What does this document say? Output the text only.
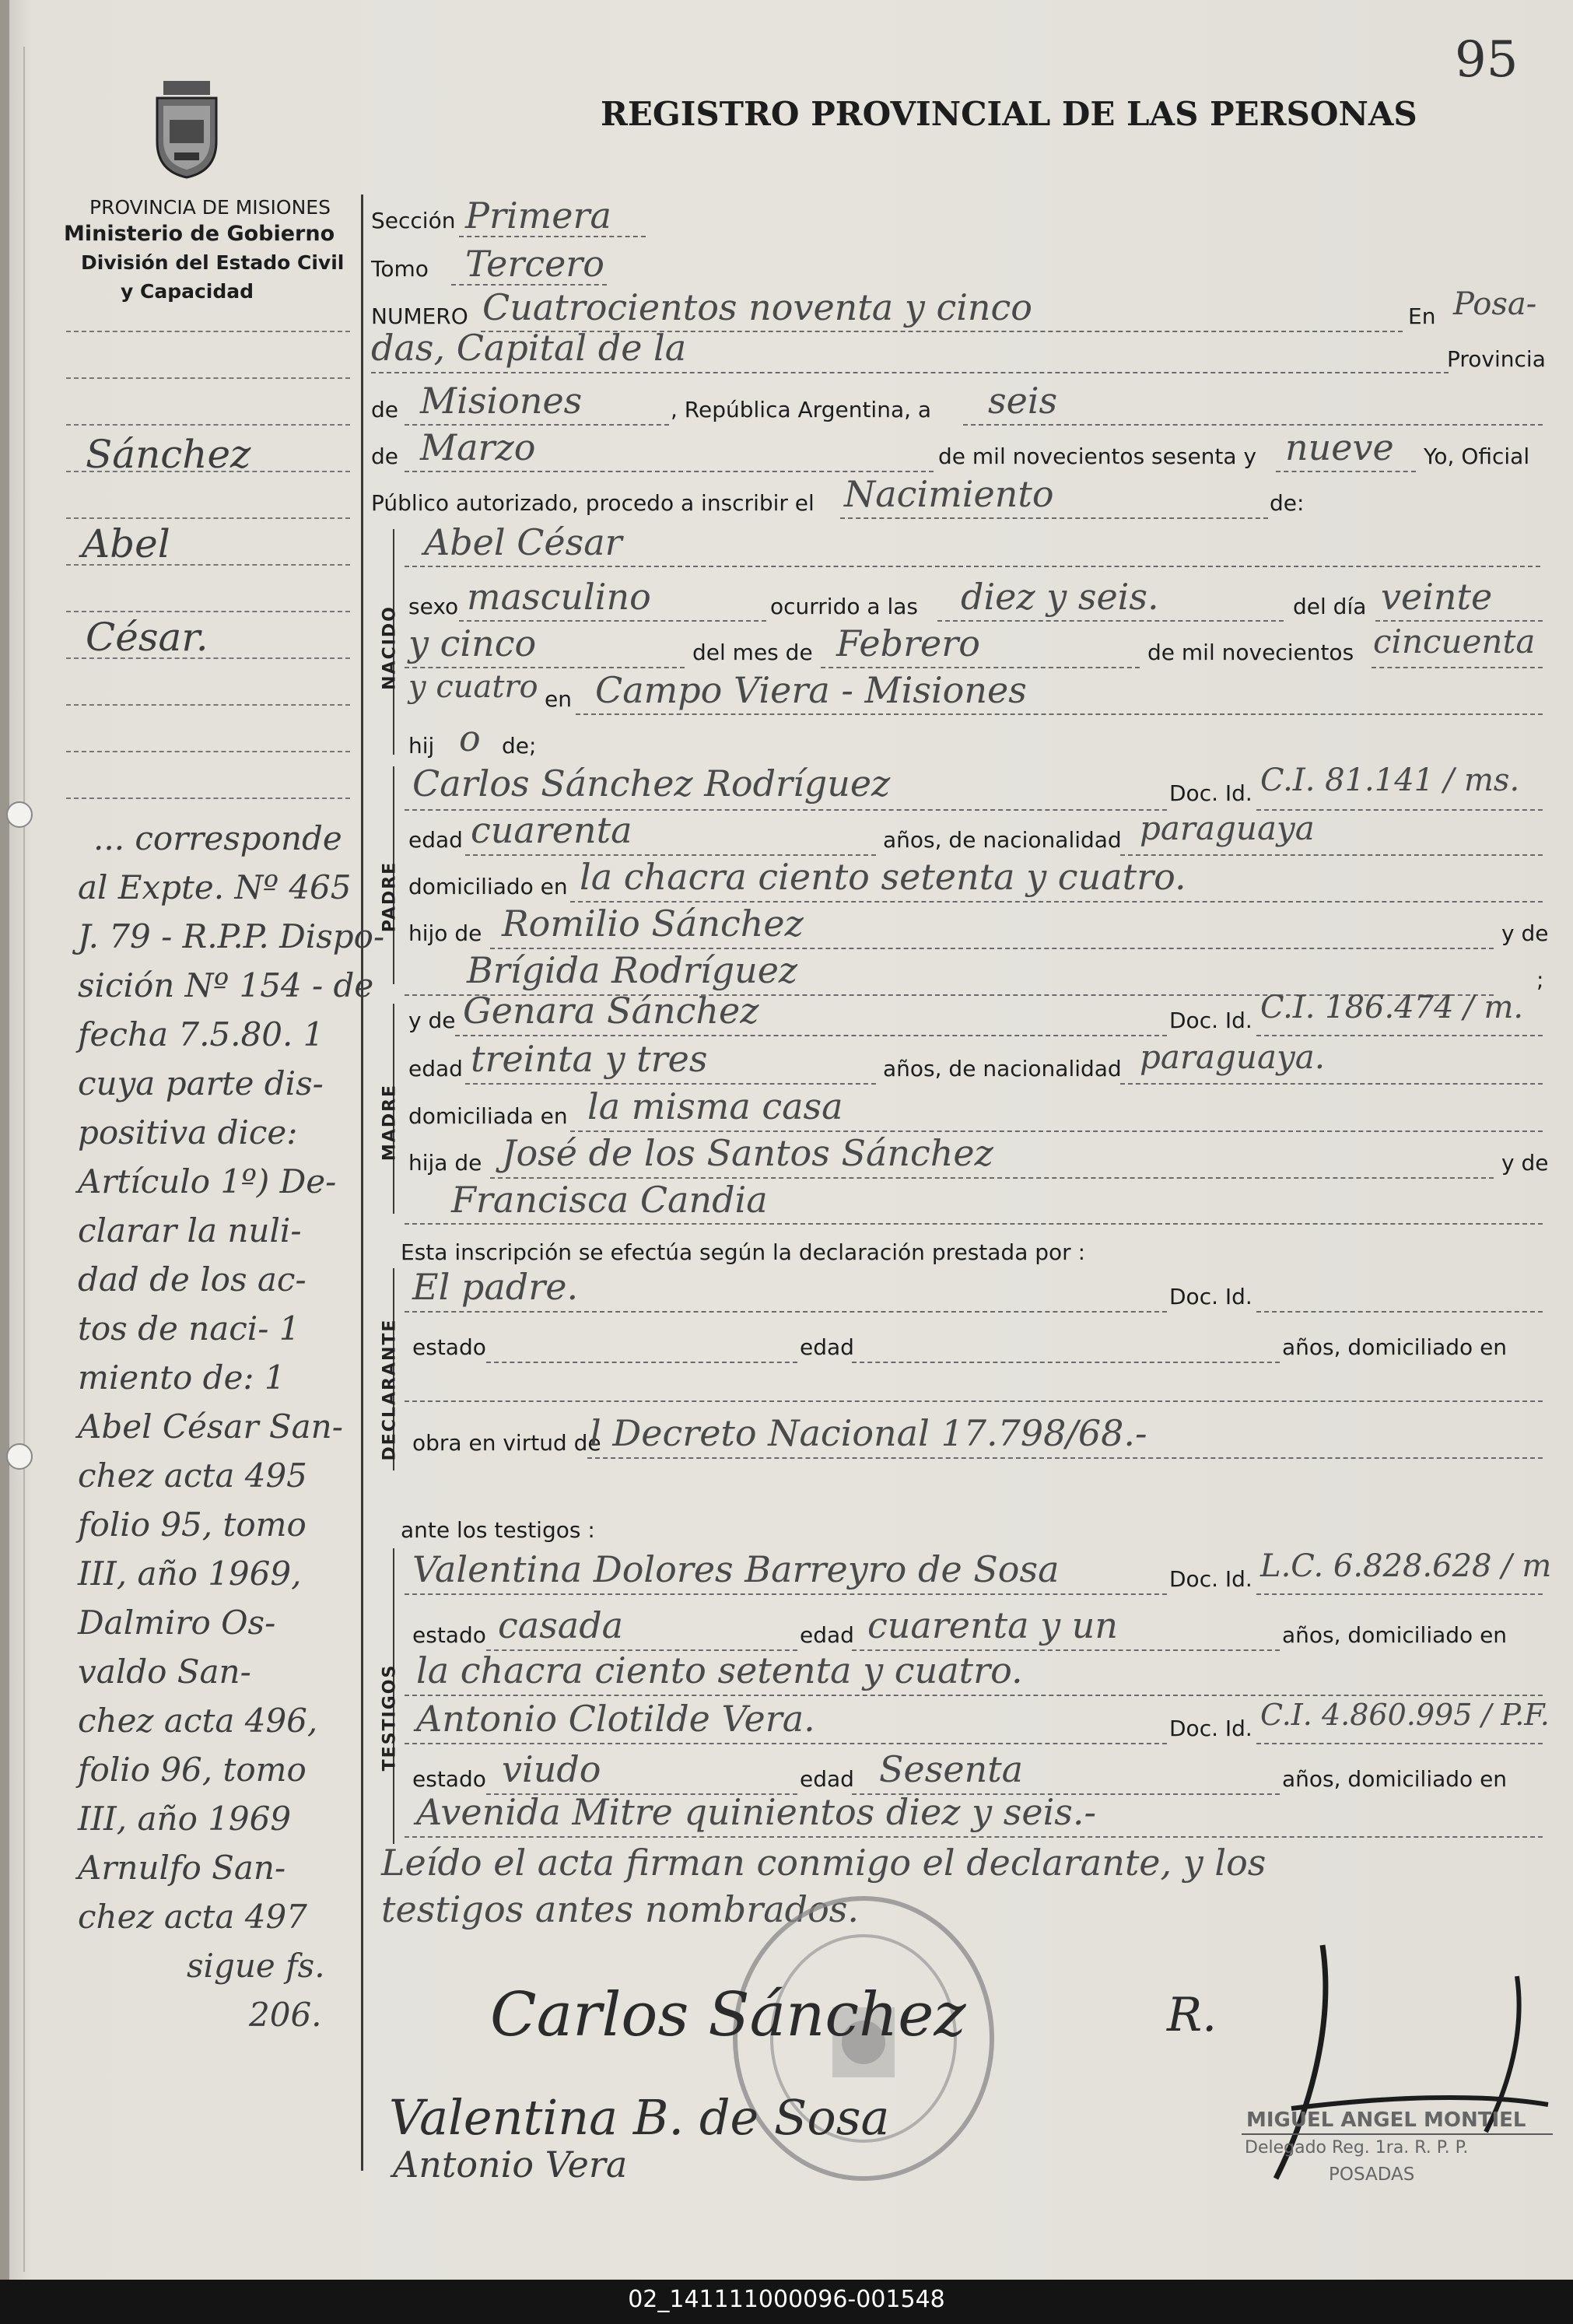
95
REGISTRO PROVINCIAL DE LAS PERSONAS
PROVINCIA DE MISIONES
Ministerio de Gobierno
División del Estado Civil
y Capacidad
Sección Primera
Tomo Tercero
NUMERO Cuatrocientos noventa y cinco	En Posa-
das, Capital de la	Provincia
de Misiones	, República Argentina, a seis
de Marzo	de mil novecientos sesenta y nueve Yo, Oficial
Público autorizado, procedo a inscribir el Nacimiento	de:
NACIDO
Abel César
sexo masculino	ocurrido a las diez y seis.	del día veinte
y cinco	del mes de Febrero	de mil novecientos cincuenta
y cuatro en Campo Viera - Misiones
hij o de;
PADRE
Carlos Sánchez Rodríguez	Doc. Id. C.I. 81.141 / ms.
edad cuarenta	años, de nacionalidad paraguaya
domiciliado en la chacra ciento setenta y cuatro.
hijo de Romilio Sánchez	y de
Brígida Rodríguez	;
MADRE
y de Genara Sánchez	Doc. Id. C.I. 186.474 / m.
edad treinta y tres	años, de nacionalidad paraguaya.
domiciliada en la misma casa
hija de José de los Santos Sánchez	y de
Francisca Candia
Esta inscripción se efectúa según la declaración prestada por :
DECLARANTE
El padre.	Doc. Id.
estado	edad	años, domiciliado en
obra en virtud de
l Decreto Nacional 17.798/68.-
ante los testigos :
TESTIGOS
Valentina Dolores Barreyro de Sosa	Doc. Id. L.C. 6.828.628 / m
estado casada	edad cuarenta y un	años, domiciliado en
la chacra ciento setenta y cuatro.
Antonio Clotilde Vera.	Doc. Id. C.I. 4.860.995 / P.F.
estado viudo	edad Sesenta	años, domiciliado en
Avenida Mitre quinientos diez y seis.-
Leído el acta firman conmigo el declarante, y los
testigos antes nombrados.
Carlos Sánchez	R.
Valentina B. de Sosa
Antonio Vera
MIGUEL ANGEL MONTIEL
Delegado Reg. 1ra. R. P. P.
POSADAS
Sánchez
Abel
César.
... corresponde
al Expte. Nº 465
J. 79 - R.P.P. Dispo-
sición Nº 154 - de
fecha 7.5.80. 1
cuya parte dis-
positiva dice:
Artículo 1º) De-
clarar la nuli-
dad de los ac-
tos de naci- 1
miento de: 1
Abel César San-
chez acta 495
folio 95, tomo
III, año 1969,
Dalmiro Os-
valdo San-
chez acta 496,
folio 96, tomo
III, año 1969
Arnulfo San-
chez acta 497
sigue fs.
206.
02_141111000096-001548
